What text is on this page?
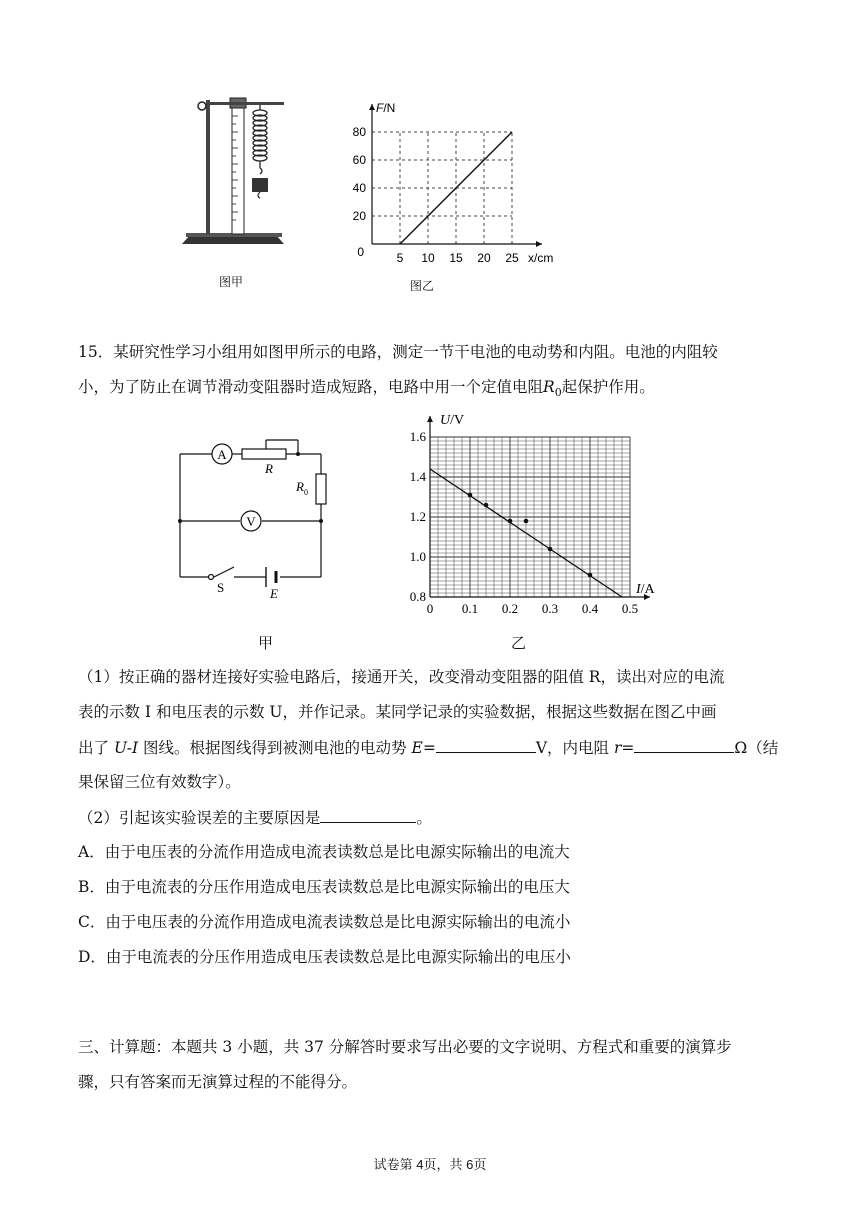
图甲
5 10 15 20 25
0
20
40
60
80
F/N
x/cm
图乙
15．某研究性学习小组用如图甲所示的电路，测定一节干电池的电动势和内阻。电池的内阻较
小，为了防止在调节滑动变阻器时造成短路，电路中用一个定值电阻$R_0$起保护作用。
A
V
R
$R_0$
S	E
甲
0 0.1 0.2 0.3 0.4 0.5
0.8
1.0
1.2
1.4
1.6
U/V
I/A
乙
（1）按正确的器材连接好实验电路后，接通开关，改变滑动变阻器的阻值 R，读出对应的电流
表的示数 I 和电压表的示数 U，并作记录。某同学记录的实验数据，根据这些数据在图乙中画
出了 U-I 图线。根据图线得到被测电池的电动势 E=	V，内电阻 r=	Ω（结
果保留三位有效数字）。
（2）引起该实验误差的主要原因是	。
A．由于电压表的分流作用造成电流表读数总是比电源实际输出的电流大
B．由于电流表的分压作用造成电压表读数总是比电源实际输出的电压大
C．由于电压表的分流作用造成电流表读数总是比电源实际输出的电流小
D．由于电流表的分压作用造成电压表读数总是比电源实际输出的电压小
三、计算题：本题共 3 小题，共 37 分解答时要求写出必要的文字说明、方程式和重要的演算步
骤，只有答案而无演算过程的不能得分。
试卷第 4页，共 6页
